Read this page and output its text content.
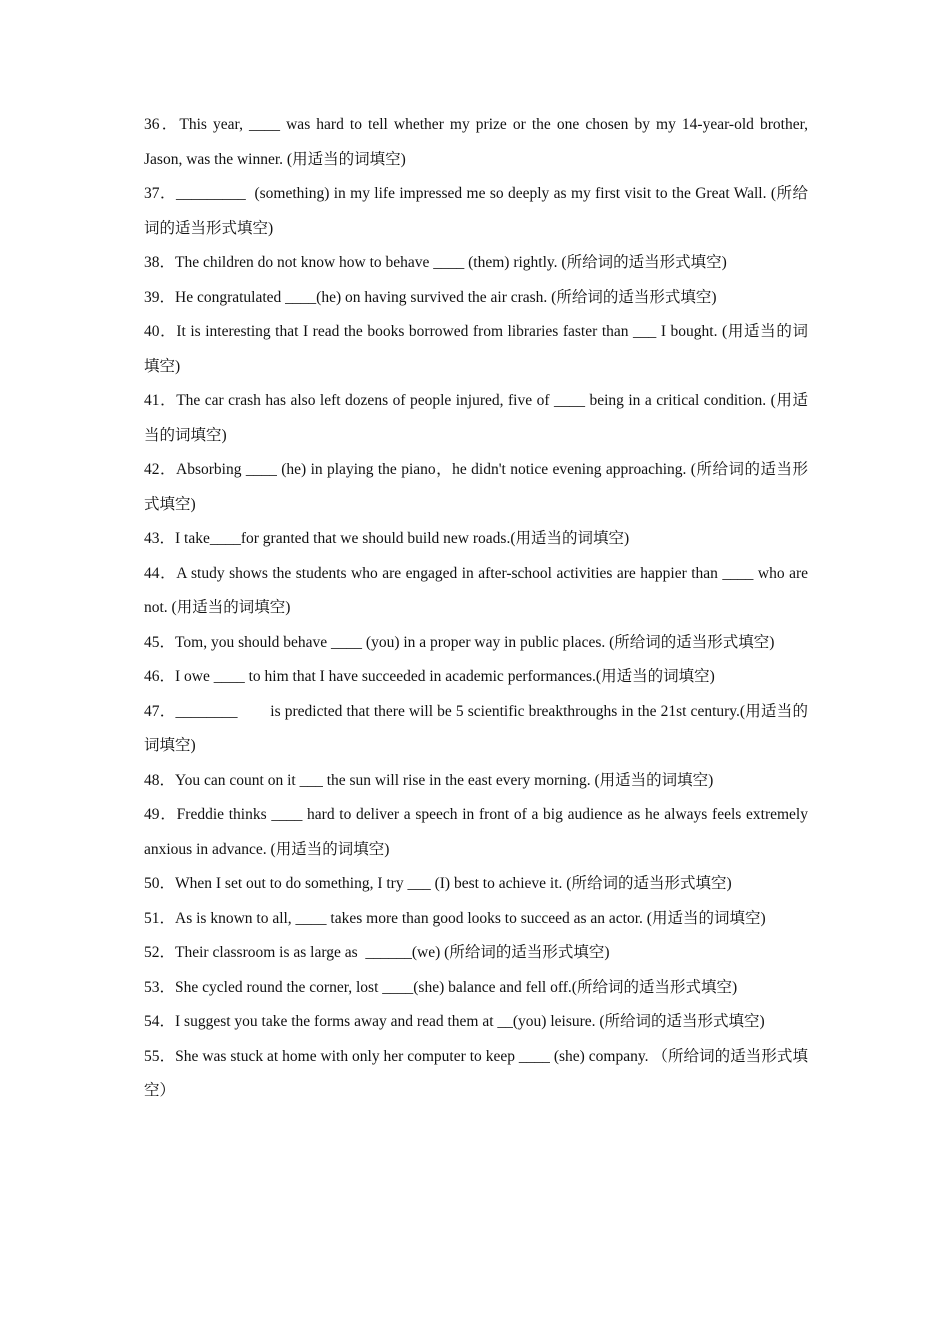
36．This year, ____ was hard to tell whether my prize or the one chosen by my 14-year-old brother, Jason, was the winner. (用适当的词填空)
37．_________  (something) in my life impressed me so deeply as my first visit to the Great Wall. (所给词的适当形式填空)
38．The children do not know how to behave ____ (them) rightly. (所给词的适当形式填空)
39．He congratulated ____(he) on having survived the air crash. (所给词的适当形式填空)
40．It is interesting that I read the books borrowed from libraries faster than ___ I bought. (用适当的词填空)
41．The car crash has also left dozens of people injured, five of ____ being in a critical condition. (用适当的词填空)
42．Absorbing ____ (he) in playing the piano，he didn't notice evening approaching. (所给词的适当形式填空)
43．I take____for granted that we should build new roads.(用适当的词填空)
44．A study shows the students who are engaged in after-school activities are happier than ____ who are not. (用适当的词填空)
45．Tom, you should behave ____ (you) in a proper way in public places. (所给词的适当形式填空)
46．I owe ____ to him that I have succeeded in academic performances.(用适当的词填空)
47．________        is predicted that there will be 5 scientific breakthroughs in the 21st century.(用适当的词填空)
48．You can count on it ___ the sun will rise in the east every morning. (用适当的词填空)
49．Freddie thinks ____ hard to deliver a speech in front of a big audience as he always feels extremely anxious in advance. (用适当的词填空)
50．When I set out to do something, I try ___ (I) best to achieve it. (所给词的适当形式填空)
51．As is known to all, ____ takes more than good looks to succeed as an actor. (用适当的词填空)
52．Their classroom is as large as  ______(we) (所给词的适当形式填空)
53．She cycled round the corner, lost ____(she) balance and fell off.(所给词的适当形式填空)
54．I suggest you take the forms away and read them at __(you) leisure. (所给词的适当形式填空)
55．She was stuck at home with only her computer to keep ____ (she) company. （所给词的适当形式填空）
